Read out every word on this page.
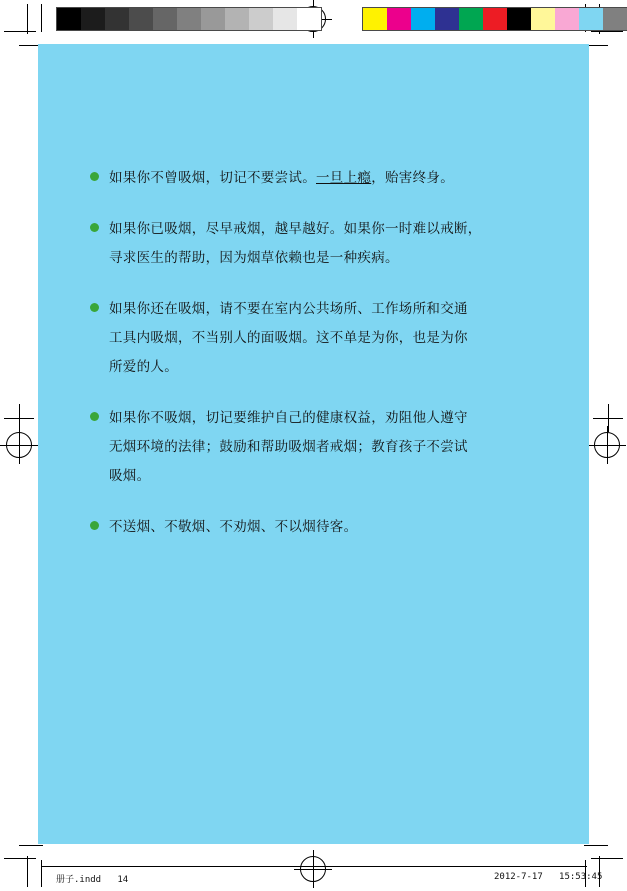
如果你不曾吸烟，切记不要尝试。一旦上瘾，贻害终身。
如果你已吸烟，尽早戒烟，越早越好。如果你一时难以戒断，
寻求医生的帮助，因为烟草依赖也是一种疾病。
如果你还在吸烟，请不要在室内公共场所、工作场所和交通
工具内吸烟，不当别人的面吸烟。这不单是为你，也是为你
所爱的人。
如果你不吸烟，切记要维护自己的健康权益，劝阻他人遵守
无烟环境的法律；鼓励和帮助吸烟者戒烟；教育孩子不尝试
吸烟。
不送烟、不敬烟、不劝烟、不以烟待客。
册子.indd   14	2012-7-17   15:53:45
